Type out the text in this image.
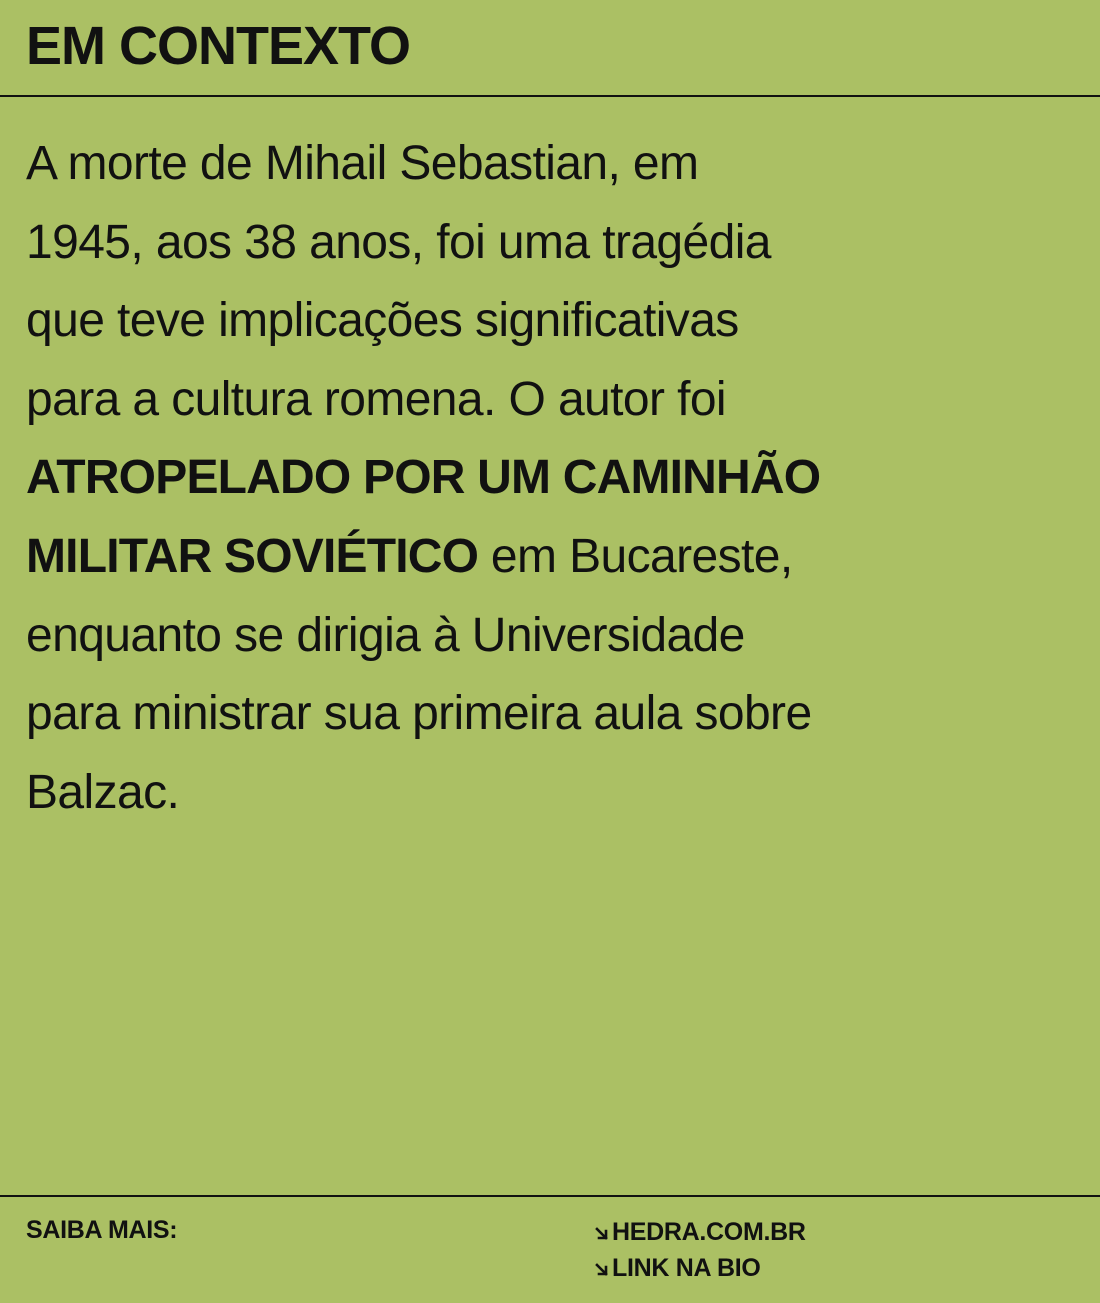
EM CONTEXTO

A morte de Mihail Sebastian, em
1945, aos 38 anos, foi uma tragédia
que teve implicações significativas
para a cultura romena. O autor foi
ATROPELADO POR UM CAMINHÃO
MILITAR SOVIÉTICO em Bucareste,
enquanto se dirigia à Universidade
para ministrar sua primeira aula sobre
Balzac.

SAIBA MAIS:	HEDRA.COM.BR
LINK NA BIO
